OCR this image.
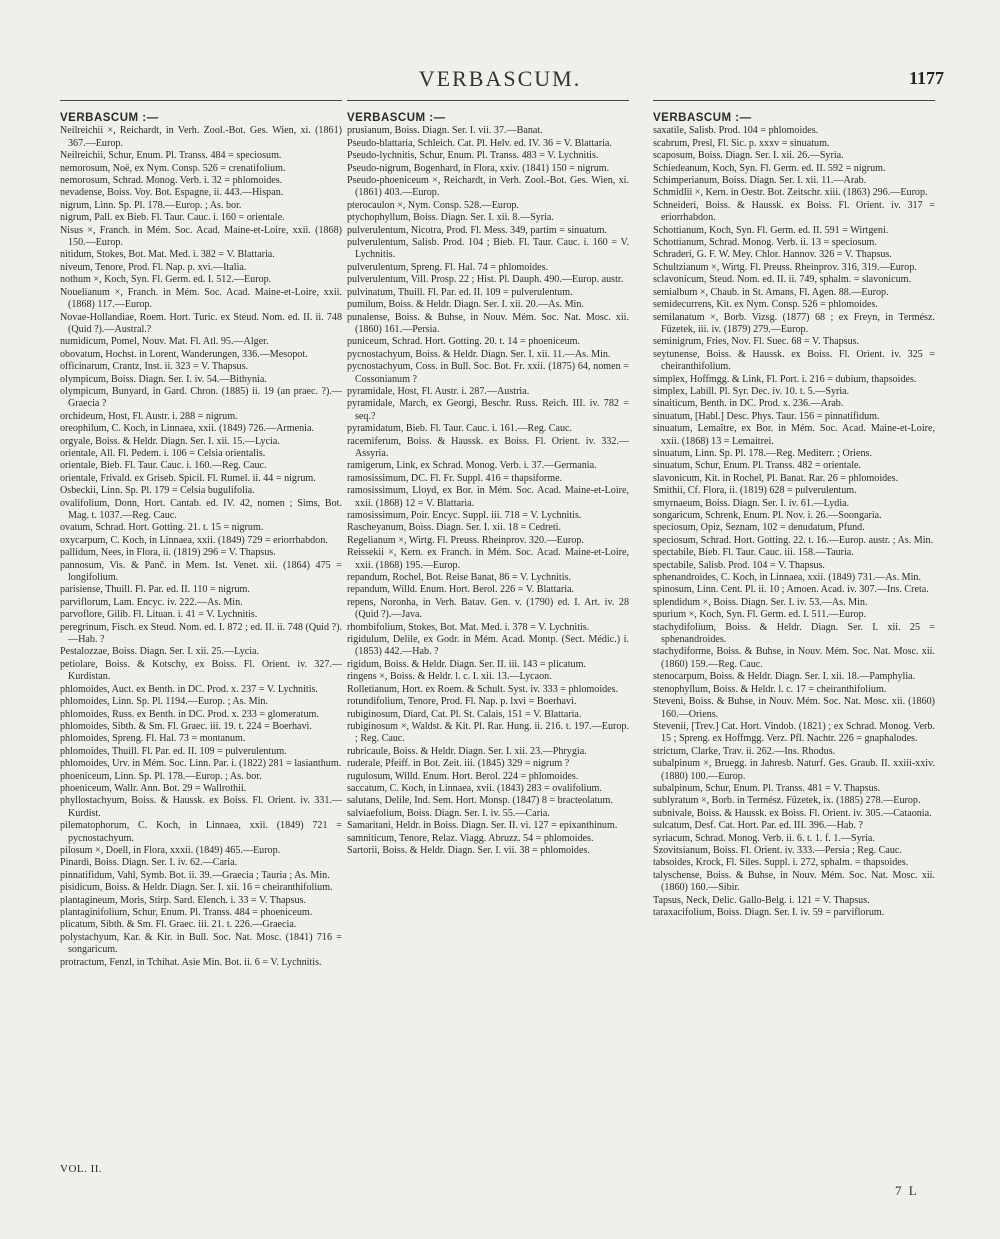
VERBASCUM.	1177
VERBASCUM :—

Neilreichii ×, Reichardt, in Verh. Zool.-Bot. Ges. Wien, xi. (1861) 367.—Europ.

Neilreichii, Schur, Enum. Pl. Transs. 484 = speciosum.

nemorosum, Noë, ex Nym. Consp. 526 = crenatifolium.

nemorosum, Schrad. Monog. Verb. i. 32 = phlomoides.

nevadense, Boiss. Voy. Bot. Espagne, ii. 443.—Hispan.

nigrum, Linn. Sp. Pl. 178.—Europ. ; As. bor.

nigrum, Pall. ex Bieb. Fl. Taur. Cauc. i. 160 = orientale.

Nisus ×, Franch. in Mém. Soc. Acad. Maine-et-Loire, xxii. (1868) 150.—Europ.

nitidum, Stokes, Bot. Mat. Med. i. 382 = V. Blattaria.

niveum, Tenore, Prod. Fl. Nap. p. xvi.—Italia.

nothum ×, Koch, Syn. Fl. Germ. ed. I. 512.—Europ.

Nouelianum ×, Franch. in Mém. Soc. Acad. Maine-et-Loire, xxii. (1868) 117.—Europ.

Novae-Hollandiae, Roem. Hort. Turic. ex Steud. Nom. ed. II. ii. 748 (Quid ?).—Austral.?

numidicum, Pomel, Nouv. Mat. Fl. Atl. 95.—Alger.

obovatum, Hochst. in Lorent, Wanderungen, 336.—Mesopot.

officinarum, Crantz, Inst. ii. 323 = V. Thapsus.

olympicum, Boiss. Diagn. Ser. I. iv. 54.—Bithynia.

olympicum, Bunyard, in Gard. Chron. (1885) ii. 19 (an praec. ?).—Graecia ?

orchideum, Host, Fl. Austr. i. 288 = nigrum.

oreophilum, C. Koch, in Linnaea, xxii. (1849) 726.—Armenia.

orgyale, Boiss. & Heldr. Diagn. Ser. I. xii. 15.—Lycia.

orientale, All. Fl. Pedem. i. 106 = Celsia orientalis.

orientale, Bieb. Fl. Taur. Cauc. i. 160.—Reg. Cauc.

orientale, Frivald. ex Griseb. Spicil. Fl. Rumel. ii. 44 = nigrum.

Osbeckii, Linn. Sp. Pl. 179 = Celsia bugulifolia.

ovalifolium, Donn, Hort. Cantab. ed. IV. 42, nomen ; Sims, Bot. Mag. t. 1037.—Reg. Cauc.

ovatum, Schrad. Hort. Gotting. 21. t. 15 = nigrum.

oxycarpum, C. Koch, in Linnaea, xxii. (1849) 729 = eriorrhabdon.

pallidum, Nees, in Flora, ii. (1819) 296 = V. Thapsus.

pannosum, Vis. & Panč. in Mem. Ist. Venet. xii. (1864) 475 = longifolium.

parisiense, Thuill. Fl. Par. ed. II. 110 = nigrum.

parviflorum, Lam. Encyc. iv. 222.—As. Min.

parvoflore, Gilib. Fl. Lituan. i. 41 = V. Lychnitis.

peregrinum, Fisch. ex Steud. Nom. ed. I. 872 ; ed. II. ii. 748 (Quid ?).—Hab. ?

Pestalozzae, Boiss. Diagn. Ser. I. xii. 25.—Lycia.

petiolare, Boiss. & Kotschy, ex Boiss. Fl. Orient. iv. 327.—Kurdistan.

phlomoides, Auct. ex Benth. in DC. Prod. x. 237 = V. Lychnitis.

phlomoides, Linn. Sp. Pl. 1194.—Europ. ; As. Min.

phlomoides, Russ. ex Benth. in DC. Prod. x. 233 = glomeratum.

phlomoides, Sibth. & Sm. Fl. Graec. iii. 19. t. 224 = Boerhavi.

phlomoides, Spreng. Fl. Hal. 73 = montanum.

phlomoides, Thuill. Fl. Par. ed. II. 109 = pulverulentum.

phlomoides, Urv. in Mém. Soc. Linn. Par. i. (1822) 281 = lasianthum.

phoeniceum, Linn. Sp. Pl. 178.—Europ. ; As. bor.

phoeniceum, Wallr. Ann. Bot. 29 = Wallrothii.

phyllostachyum, Boiss. & Haussk. ex Boiss. Fl. Orient. iv. 331.—Kurdist.

pilematophorum, C. Koch, in Linnaea, xxii. (1849) 721 = pycnostachyum.

pilosum ×, Doell, in Flora, xxxii. (1849) 465.—Europ.

Pinardi, Boiss. Diagn. Ser. I. iv. 62.—Caria.

pinnatifidum, Vahl, Symb. Bot. ii. 39.—Graecia ; Tauria ; As. Min.

pisidicum, Boiss. & Heldr. Diagn. Ser. I. xii. 16 = cheiranthifolium.

plantagineum, Moris, Stirp. Sard. Elench. i. 33 = V. Thapsus.

plantaginifolium, Schur, Enum. Pl. Transs. 484 = phoeniceum.

plicatum, Sibth. & Sm. Fl. Graec. iii. 21. t. 226.—Graecia.

polystachyum, Kar. & Kir. in Bull. Soc. Nat. Mosc. (1841) 716 = songaricum.

protractum, Fenzl, in Tchihat. Asie Min. Bot. ii. 6 = V. Lychnitis.

VERBASCUM :—

prusianum, Boiss. Diagn. Ser. I. vii. 37.—Banat.

Pseudo-blattaria, Schleich. Cat. Pl. Helv. ed. IV. 36 = V. Blattaria.

Pseudo-lychnitis, Schur, Enum. Pl. Transs. 483 = V. Lychnitis.

Pseudo-nigrum, Bogenhard, in Flora, xxiv. (1841) 150 = nigrum.

Pseudo-phoeniceum ×, Reichardt, in Verh. Zool.-Bot. Ges. Wien, xi. (1861) 403.—Europ.

pterocaulon ×, Nym. Consp. 528.—Europ.

ptychophyllum, Boiss. Diagn. Ser. I. xii. 8.—Syria.

pulverulentum, Nicotra, Prod. Fl. Mess. 349, partim = sinuatum.

pulverulentum, Salisb. Prod. 104 ; Bieb. Fl. Taur. Cauc. i. 160 = V. Lychnitis.

pulverulentum, Spreng. Fl. Hal. 74 = phlomoides.

pulverulentum, Vill. Prosp. 22 ; Hist. Pl. Dauph. 490.—Europ. austr.

pulvinatum, Thuill. Fl. Par. ed. II. 109 = pulverulentum.

pumilum, Boiss. & Heldr. Diagn. Ser. I. xii. 20.—As. Min.

punalense, Boiss. & Buhse, in Nouv. Mém. Soc. Nat. Mosc. xii. (1860) 161.—Persia.

puniceum, Schrad. Hort. Gotting. 20. t. 14 = phoeniceum.

pycnostachyum, Boiss. & Heldr. Diagn. Ser. I. xii. 11.—As. Min.

pycnostachyum, Coss. in Bull. Soc. Bot. Fr. xxii. (1875) 64, nomen = Cossonianum ?

pyramidale, Host, Fl. Austr. i. 287.—Austria.

pyramidale, March, ex Georgi, Beschr. Russ. Reich. III. iv. 782 = seq.?

pyramidatum, Bieb. Fl. Taur. Cauc. i. 161.—Reg. Cauc.

racemiferum, Boiss. & Haussk. ex Boiss. Fl. Orient. iv. 332.—Assyria.

ramigerum, Link, ex Schrad. Monog. Verb. i. 37.—Germania.

ramosissimum, DC. Fl. Fr. Suppl. 416 = thapsiforme.

ramosissimum, Lloyd, ex Bor. in Mém. Soc. Acad. Maine-et-Loire, xxii. (1868) 12 = V. Blattaria.

ramosissimum, Poir. Encyc. Suppl. iii. 718 = V. Lychnitis.

Rascheyanum, Boiss. Diagn. Ser. I. xii. 18 = Cedreti.

Regelianum ×, Wirtg. Fl. Preuss. Rheinprov. 320.—Europ.

Reissekii ×, Kern. ex Franch. in Mém. Soc. Acad. Maine-et-Loire, xxii. (1868) 195.—Europ.

repandum, Rochel, Bot. Reise Banat, 86 = V. Lychnitis.

repandum, Willd. Enum. Hort. Berol. 226 = V. Blattaria.

repens, Noronha, in Verh. Batav. Gen. v. (1790) ed. I. Art. iv. 28 (Quid ?).—Java.

rhombifolium, Stokes, Bot. Mat. Med. i. 378 = V. Lychnitis.

rigidulum, Delile, ex Godr. in Mém. Acad. Montp. (Sect. Médic.) i. (1853) 442.—Hab. ?

rigidum, Boiss. & Heldr. Diagn. Ser. II. iii. 143 = plicatum.

ringens ×, Boiss. & Heldr. l. c. I. xii. 13.—Lycaon.

Rolletianum, Hort. ex Roem. & Schult. Syst. iv. 333 = phlomoides.

rotundifolium, Tenore, Prod. Fl. Nap. p. lxvi = Boerhavi.

rubiginosum, Diard, Cat. Pl. St. Calais, 151 = V. Blattaria.

rubiginosum ×, Waldst. & Kit. Pl. Rar. Hung. ii. 216. t. 197.—Europ. ; Reg. Cauc.

rubricaule, Boiss. & Heldr. Diagn. Ser. I. xii. 23.—Phrygia.

ruderale, Pfeiff. in Bot. Zeit. iii. (1845) 329 = nigrum ?

rugulosum, Willd. Enum. Hort. Berol. 224 = phlomoides.

saccatum, C. Koch, in Linnaea, xvii. (1843) 283 = ovalifolium.

salutans, Delile, Ind. Sem. Hort. Monsp. (1847) 8 = bracteolatum.

salviaefolium, Boiss. Diagn. Ser. I. iv. 55.—Caria.

Samaritani, Heldr. in Boiss. Diagn. Ser. II. vi. 127 = epixanthinum.

samniticum, Tenore, Relaz. Viagg. Abruzz. 54 = phlomoides.

Sartorii, Boiss. & Heldr. Diagn. Ser. I. vii. 38 = phlomoides.

VERBASCUM :—

saxatile, Salisb. Prod. 104 = phlomoides.

scabrum, Presl, Fl. Sic. p. xxxv = sinuatum.

scaposum, Boiss. Diagn. Ser. I. xii. 26.—Syria.

Schiedeanum, Koch, Syn. Fl. Germ. ed. II. 592 = nigrum.

Schimperianum, Boiss. Diagn. Ser. I. xii. 11.—Arab.

Schmidlii ×, Kern. in Oestr. Bot. Zeitschr. xiii. (1863) 296.—Europ.

Schneideri, Boiss. & Haussk. ex Boiss. Fl. Orient. iv. 317 = eriorrhabdon.

Schottianum, Koch, Syn. Fl. Germ. ed. II. 591 = Wirtgeni.

Schottianum, Schrad. Monog. Verb. ii. 13 = speciosum.

Schraderi, G. F. W. Mey. Chlor. Hannov. 326 = V. Thapsus.

Schultzianum ×, Wirtg. Fl. Preuss. Rheinprov. 316, 319.—Europ.

sclavonicum, Steud. Nom. ed. II. ii. 749, sphalm. = slavonicum.

semialbum ×, Chaub. in St. Amans, Fl. Agen. 88.—Europ.

semidecurrens, Kit. ex Nym. Consp. 526 = phlomoides.

semilanatum ×, Borb. Vizsg. (1877) 68 ; ex Freyn, in Termész. Füzetek, iii. iv. (1879) 279.—Europ.

seminigrum, Fries, Nov. Fl. Suec. 68 = V. Thapsus.

seytunense, Boiss. & Haussk. ex Boiss. Fl. Orient. iv. 325 = cheiranthifolium.

simplex, Hoffmgg. & Link, Fl. Port. i. 216 = dubium, thapsoides.

simplex, Labill. Pl. Syr. Dec. iv. 10. t. 5.—Syria.

sinaiticum, Benth. in DC. Prod. x. 236.—Arab.

sinuatum, [Habl.] Desc. Phys. Taur. 156 = pinnatifidum.

sinuatum, Lemaître, ex Bor. in Mém. Soc. Acad. Maine-et-Loire, xxii. (1868) 13 = Lemaitrei.

sinuatum, Linn. Sp. Pl. 178.—Reg. Mediterr. ; Oriens.

sinuatum, Schur, Enum. Pl. Transs. 482 = orientale.

slavonicum, Kit. in Rochel, Pl. Banat. Rar. 26 = phlomoides.

Smithii, Cf. Flora, ii. (1819) 628 = pulverulentum.

smyrnaeum, Boiss. Diagn. Ser. I. iv. 61.—Lydia.

songaricum, Schrenk, Enum. Pl. Nov. i. 26.—Soongaria.

speciosum, Opiz, Seznam, 102 = denudatum, Pfund.

speciosum, Schrad. Hort. Gotting. 22. t. 16.—Europ. austr. ; As. Min.

spectabile, Bieb. Fl. Taur. Cauc. iii. 158.—Tauria.

spectabile, Salisb. Prod. 104 = V. Thapsus.

sphenandroides, C. Koch, in Linnaea, xxii. (1849) 731.—As. Min.

spinosum, Linn. Cent. Pl. ii. 10 ; Amoen. Acad. iv. 307.—Ins. Creta.

splendidum ×, Boiss. Diagn. Ser. I. iv. 53.—As. Min.

spurium ×, Koch, Syn. Fl. Germ. ed. I. 511.—Europ.

stachydifolium, Boiss. & Heldr. Diagn. Ser. I. xii. 25 = sphenandroides.

stachydiforme, Boiss. & Buhse, in Nouv. Mém. Soc. Nat. Mosc. xii. (1860) 159.—Reg. Cauc.

stenocarpum, Boiss. & Heldr. Diagn. Ser. I. xii. 18.—Pamphylia.

stenophyllum, Boiss. & Heldr. l. c. 17 = cheiranthifolium.

Steveni, Boiss. & Buhse, in Nouv. Mém. Soc. Nat. Mosc. xii. (1860) 160.—Oriens.

Stevenii, [Trev.] Cat. Hort. Vindob. (1821) ; ex Schrad. Monog. Verb. 15 ; Spreng. ex Hoffmgg. Verz. Pfl. Nachtr. 226 = gnaphalodes.

strictum, Clarke, Trav. ii. 262.—Ins. Rhodus.

subalpinum ×, Bruegg. in Jahresb. Naturf. Ges. Graub. II. xxiii-xxiv. (1880) 100.—Europ.

subalpinum, Schur, Enum. Pl. Transs. 481 = V. Thapsus.

sublyratum ×, Borb. in Termész. Füzetek, ix. (1885) 278.—Europ.

subnivale, Boiss. & Haussk. ex Boiss. Fl. Orient. iv. 305.—Cataonia.

sulcatum, Desf. Cat. Hort. Par. ed. III. 396.—Hab. ?

syriacum, Schrad. Monog. Verb. ii. 6. t. 1. f. 1.—Syria.

Szovitsianum, Boiss. Fl. Orient. iv. 333.—Persia ; Reg. Cauc.

tabsoides, Krock, Fl. Siles. Suppl. i. 272, sphalm. = thapsoides.

talyschense, Boiss. & Buhse, in Nouv. Mém. Soc. Nat. Mosc. xii. (1860) 160.—Sibir.

Tapsus, Neck, Delic. Gallo-Belg. i. 121 = V. Thapsus.

taraxacifolium, Boiss. Diagn. Ser. I. iv. 59 = parviflorum.

VOL. II.
7 L
